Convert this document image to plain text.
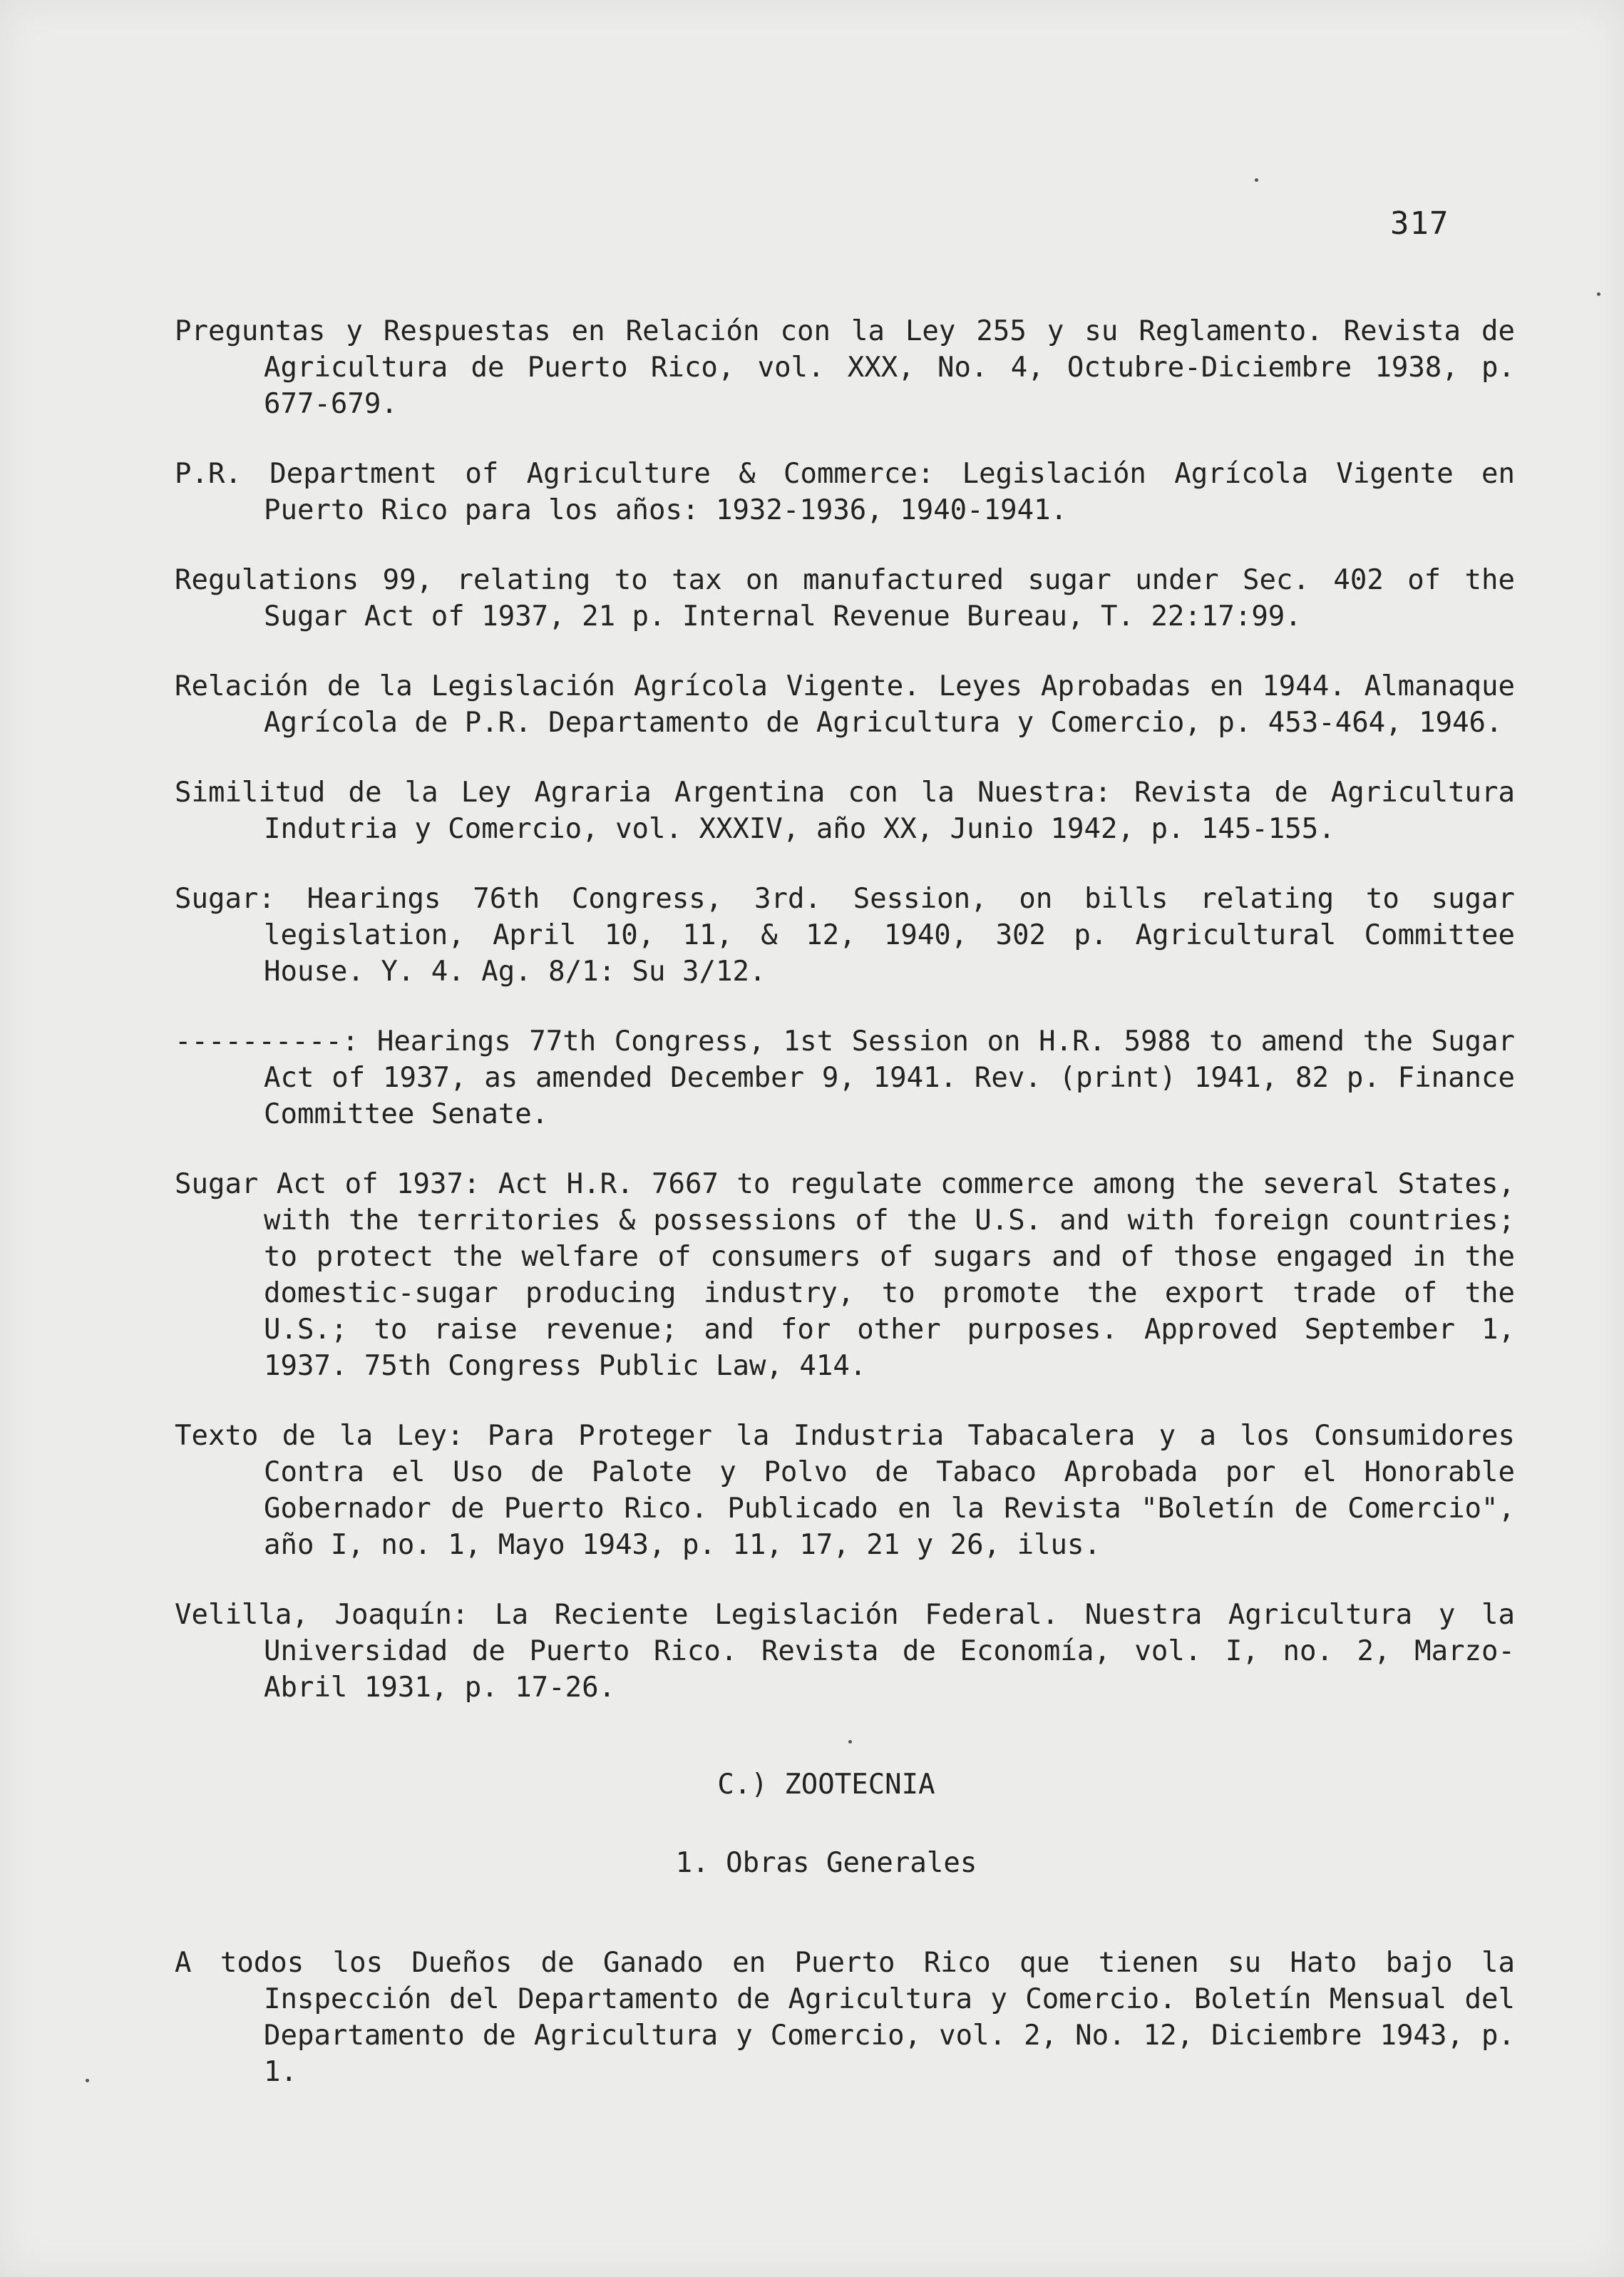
317

Preguntas y Respuestas en Relación con la Ley 255 y su Reglamento. Revista de Agricultura de Puerto Rico, vol. XXX, No. 4, Octubre-Diciembre 1938, p. 677-679.

P.R. Department of Agriculture & Commerce: Legislación Agrícola Vigente en Puerto Rico para los años: 1932-1936, 1940-1941.

Regulations 99, relating to tax on manufactured sugar under Sec. 402 of the Sugar Act of 1937, 21 p. Internal Revenue Bureau, T. 22:17:99.

Relación de la Legislación Agrícola Vigente. Leyes Aprobadas en 1944. Almanaque Agrícola de P.R. Departamento de Agricultura y Comercio, p. 453-464, 1946.

Similitud de la Ley Agraria Argentina con la Nuestra: Revista de Agricultura Indutria y Comercio, vol. XXXIV, año XX, Junio 1942, p. 145-155.

Sugar: Hearings 76th Congress, 3rd. Session, on bills relating to sugar legislation, April 10, 11, & 12, 1940, 302 p. Agricultural Committee House. Y. 4. Ag. 8/1: Su 3/12.

----------: Hearings 77th Congress, 1st Session on H.R. 5988 to amend the Sugar Act of 1937, as amended December 9, 1941. Rev. (print) 1941, 82 p. Finance Committee Senate.

Sugar Act of 1937: Act H.R. 7667 to regulate commerce among the several States, with the territories & possessions of the U.S. and with foreign countries; to protect the welfare of consumers of sugars and of those engaged in the domestic-sugar producing industry, to promote the export trade of the U.S.; to raise revenue; and for other purposes. Approved September 1, 1937. 75th Congress Public Law, 414.

Texto de la Ley: Para Proteger la Industria Tabacalera y a los Consumidores Contra el Uso de Palote y Polvo de Tabaco Aprobada por el Honorable Gobernador de Puerto Rico. Publicado en la Revista "Boletín de Comercio", año I, no. 1, Mayo 1943, p. 11, 17, 21 y 26, ilus.

Velilla, Joaquín: La Reciente Legislación Federal. Nuestra Agricultura y la Universidad de Puerto Rico. Revista de Economía, vol. I, no. 2, Marzo-Abril 1931, p. 17-26.

C.) ZOOTECNIA
1. Obras Generales

A todos los Dueños de Ganado en Puerto Rico que tienen su Hato bajo la Inspección del Departamento de Agricultura y Comercio. Boletín Mensual del Departamento de Agricultura y Comercio, vol. 2, No. 12, Diciembre 1943, p. 1.
